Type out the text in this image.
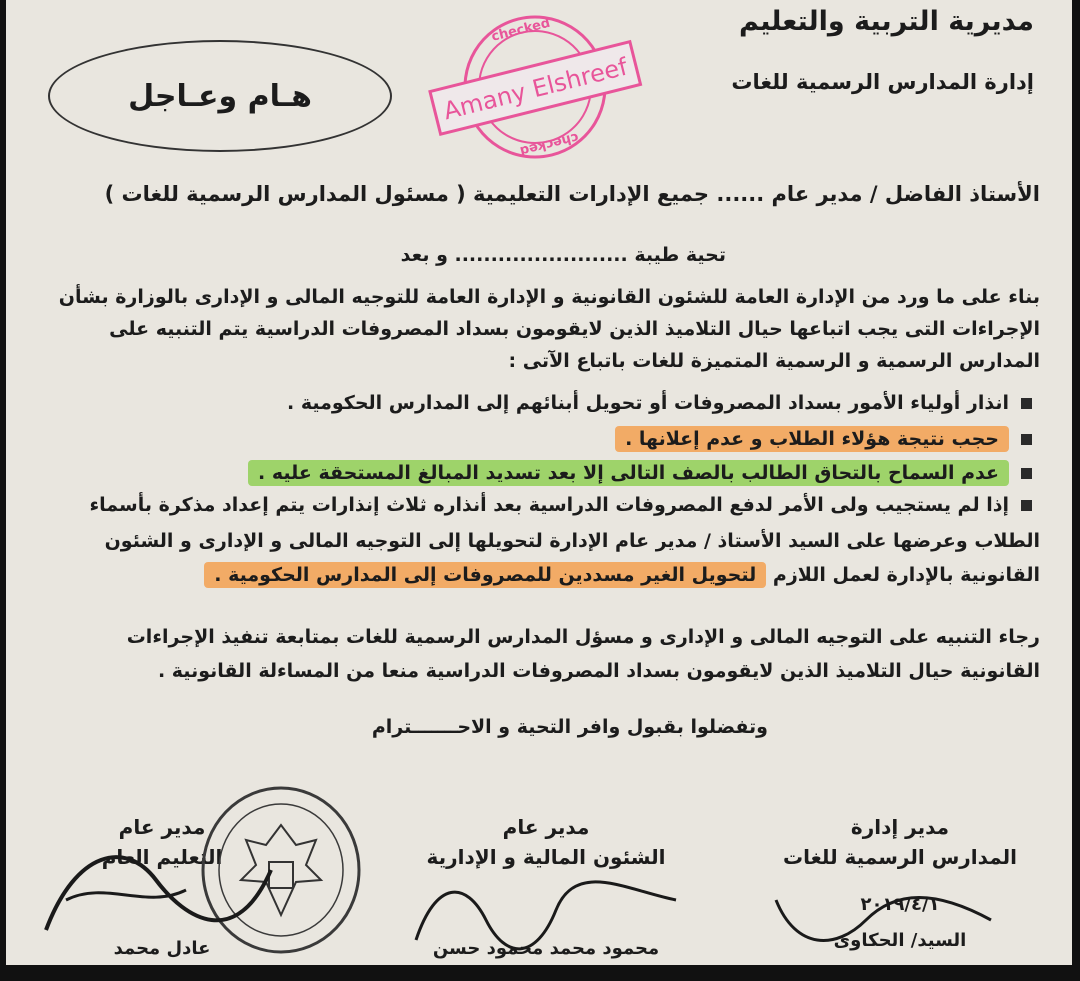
مديرية التربية والتعليم
إدارة المدارس الرسمية للغات
هـام وعـاجل
checked
checked
Amany Elshreef
الأستاذ الفاضل / مدير عام ...... جميع الإدارات التعليمية ( مسئول المدارس الرسمية للغات )
تحية طيبة ........................ و بعد
بناء على ما ورد من الإدارة العامة للشئون القانونية و الإدارة العامة للتوجيه المالى و الإدارى بالوزارة بشأن
الإجراءات التى يجب اتباعها حيال التلاميذ الذين لايقومون بسداد المصروفات الدراسية يتم التنبيه على
المدارس الرسمية و الرسمية المتميزة للغات باتباع الآتى :
انذار أولياء الأمور بسداد المصروفات أو تحويل أبنائهم إلى المدارس الحكومية .
حجب نتيجة هؤلاء الطلاب و عدم إعلانها .
عدم السماح بالتحاق الطالب بالصف التالى إلا بعد تسديد المبالغ المستحقة عليه .
إذا لم يستجيب ولى الأمر لدفع المصروفات الدراسية بعد أنذاره ثلاث إنذارات يتم إعداد مذكرة بأسماء
الطلاب وعرضها على السيد الأستاذ / مدير عام الإدارة لتحويلها إلى التوجيه المالى و الإدارى و الشئون
القانونية بالإدارة لعمل اللازم لتحويل الغير مسددين للمصروفات إلى المدارس الحكومية .
رجاء التنبيه على التوجيه المالى و الإدارى و مسؤل المدارس الرسمية للغات بمتابعة تنفيذ الإجراءات
القانونية حيال التلاميذ الذين لايقومون بسداد المصروفات الدراسية منعا من المساءلة القانونية .
وتفضلوا بقبول وافر التحية و الاحـــــــترام
مدير إدارة
المدارس الرسمية للغات
٢٠١٩/٤/١
السيد/ الحكاوى
مدير عام
الشئون المالية و الإدارية
محمود محمد محمود حسن
مدير عام
التعليم العام
عادل محمد
